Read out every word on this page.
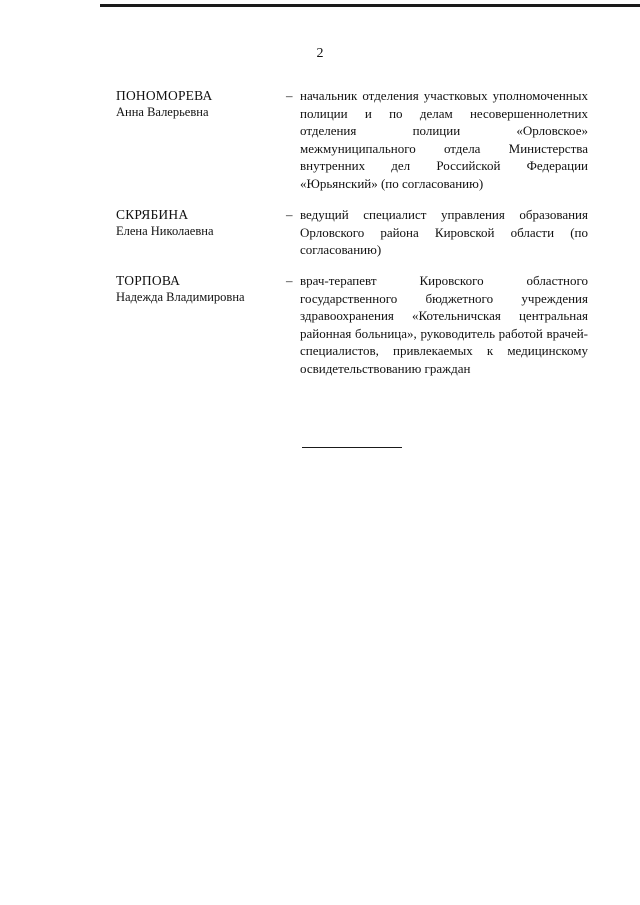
2
ПОНОМОРЕВА
Анна Валерьевна
– начальник отделения участковых уполномоченных полиции и по делам несовершеннолетних отделения полиции «Орловское» межмуниципального отдела Министерства внутренних дел Российской Федерации «Юрьянский» (по согласованию)
СКРЯБИНА
Елена Николаевна
– ведущий специалист управления образования Орловского района Кировской области (по согласованию)
ТОРПОВА
Надежда Владимировна
– врач-терапевт Кировского областного государственного бюджетного учреждения здравоохранения «Котельничская центральная районная больница», руководитель работой врачей-специалистов, привлекаемых к медицинскому освидетельствованию граждан
